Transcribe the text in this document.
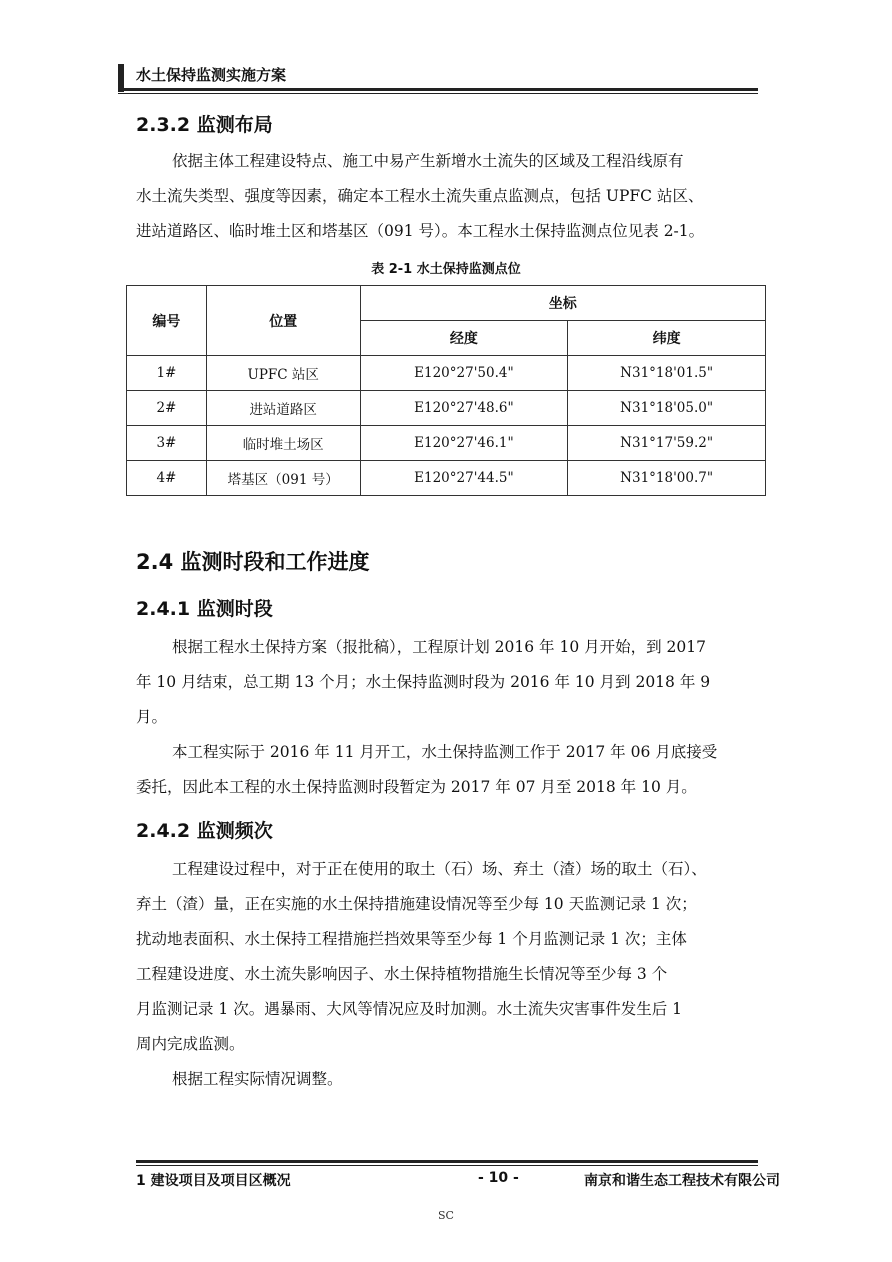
水土保持监测实施方案
2.3.2 监测布局
依据主体工程建设特点、施工中易产生新增水土流失的区域及工程沿线原有
水土流失类型、强度等因素，确定本工程水土流失重点监测点，包括 UPFC 站区、
进站道路区、临时堆土区和塔基区（091 号）。本工程水土保持监测点位见表 2-1。
表 2-1 水土保持监测点位
编号	位置	坐标	
		经度	纬度
1#	UPFC 站区	E120°27'50.4"	N31°18'01.5"
2#	进站道路区	E120°27'48.6"	N31°18'05.0"
3#	临时堆土场区	E120°27'46.1"	N31°17'59.2"
4#	塔基区（091 号）	E120°27'44.5"	N31°18'00.7"
2.4 监测时段和工作进度
2.4.1 监测时段
根据工程水土保持方案（报批稿），工程原计划 2016 年 10 月开始，到 2017
年 10 月结束，总工期 13 个月；水土保持监测时段为 2016 年 10 月到 2018 年 9
月。
本工程实际于 2016 年 11 月开工，水土保持监测工作于 2017 年 06 月底接受
委托，因此本工程的水土保持监测时段暂定为 2017 年 07 月至 2018 年 10 月。
2.4.2 监测频次
工程建设过程中，对于正在使用的取土（石）场、弃土（渣）场的取土（石）、
弃土（渣）量，正在实施的水土保持措施建设情况等至少每 10 天监测记录 1 次；
扰动地表面积、水土保持工程措施拦挡效果等至少每 1 个月监测记录 1 次；主体
工程建设进度、水土流失影响因子、水土保持植物措施生长情况等至少每 3 个
月监测记录 1 次。遇暴雨、大风等情况应及时加测。水土流失灾害事件发生后 1
周内完成监测。
根据工程实际情况调整。
1 建设项目及项目区概况	- 10 -	南京和谐生态工程技术有限公司
SC
